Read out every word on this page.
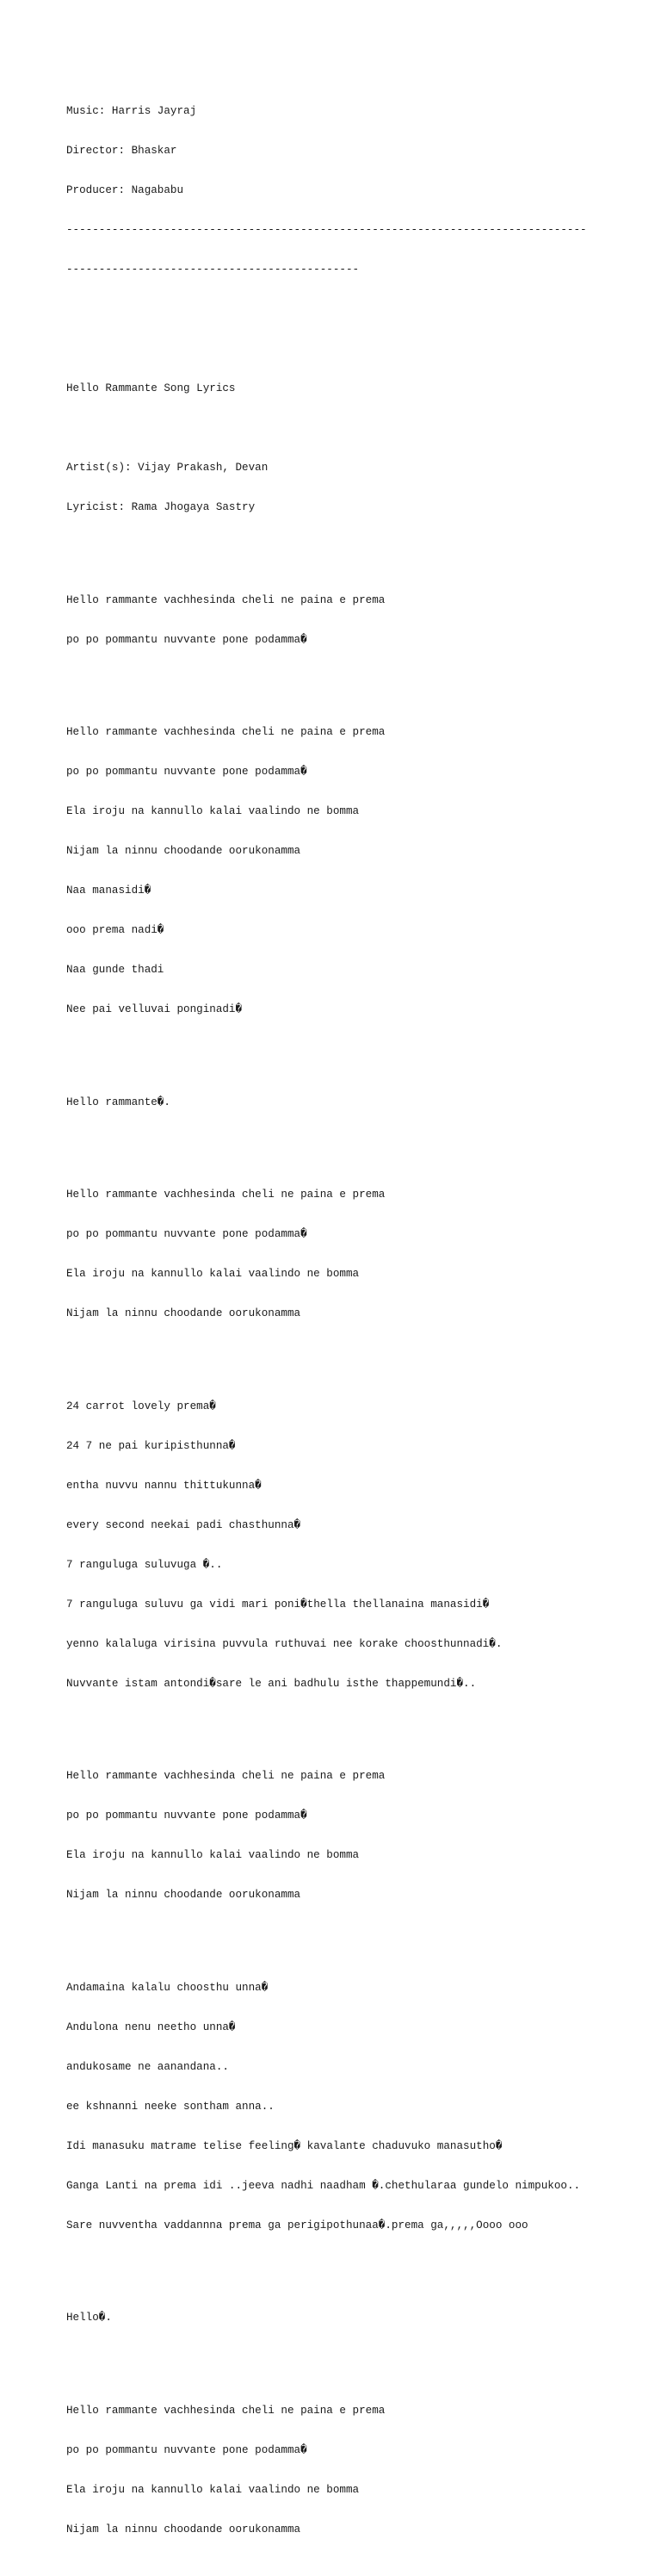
Music: Harris Jayraj

Director: Bhaskar

Producer: Nagababu

--------------------------------------------------------------------------------

---------------------------------------------

Hello Rammante Song Lyrics

Artist(s): Vijay Prakash, Devan

Lyricist: Rama Jhogaya Sastry

Hello rammante vachhesinda cheli ne paina e prema

po po pommantu nuvvante pone podamma�

Hello rammante vachhesinda cheli ne paina e prema

po po pommantu nuvvante pone podamma�

Ela iroju na kannullo kalai vaalindo ne bomma

Nijam la ninnu choodande oorukonamma

Naa manasidi�

ooo prema nadi�

Naa gunde thadi

Nee pai velluvai ponginadi�

Hello rammante�.

Hello rammante vachhesinda cheli ne paina e prema

po po pommantu nuvvante pone podamma�

Ela iroju na kannullo kalai vaalindo ne bomma

Nijam la ninnu choodande oorukonamma

24 carrot lovely prema�

24 7 ne pai kuripisthunna�

entha nuvvu nannu thittukunna�

every second neekai padi chasthunna�

7 ranguluga suluvuga �..

7 ranguluga suluvu ga vidi mari poni�thella thellanaina manasidi�

yenno kalaluga virisina puvvula ruthuvai nee korake choosthunnadi�.

Nuvvante istam antondi�sare le ani badhulu isthe thappemundi�..

Hello rammante vachhesinda cheli ne paina e prema

po po pommantu nuvvante pone podamma�

Ela iroju na kannullo kalai vaalindo ne bomma

Nijam la ninnu choodande oorukonamma

Andamaina kalalu choosthu unna�

Andulona nenu neetho unna�

andukosame ne aanandana..

ee kshnanni neeke sontham anna..

Idi manasuku matrame telise feeling� kavalante chaduvuko manasutho�

Ganga Lanti na prema idi ..jeeva nadhi naadham �.chethularaa gundelo nimpukoo..

Sare nuvventha vaddannna prema ga perigipothunaa�.prema ga,,,,,Oooo ooo

Hello�.

Hello rammante vachhesinda cheli ne paina e prema

po po pommantu nuvvante pone podamma�

Ela iroju na kannullo kalai vaalindo ne bomma

Nijam la ninnu choodande oorukonamma
